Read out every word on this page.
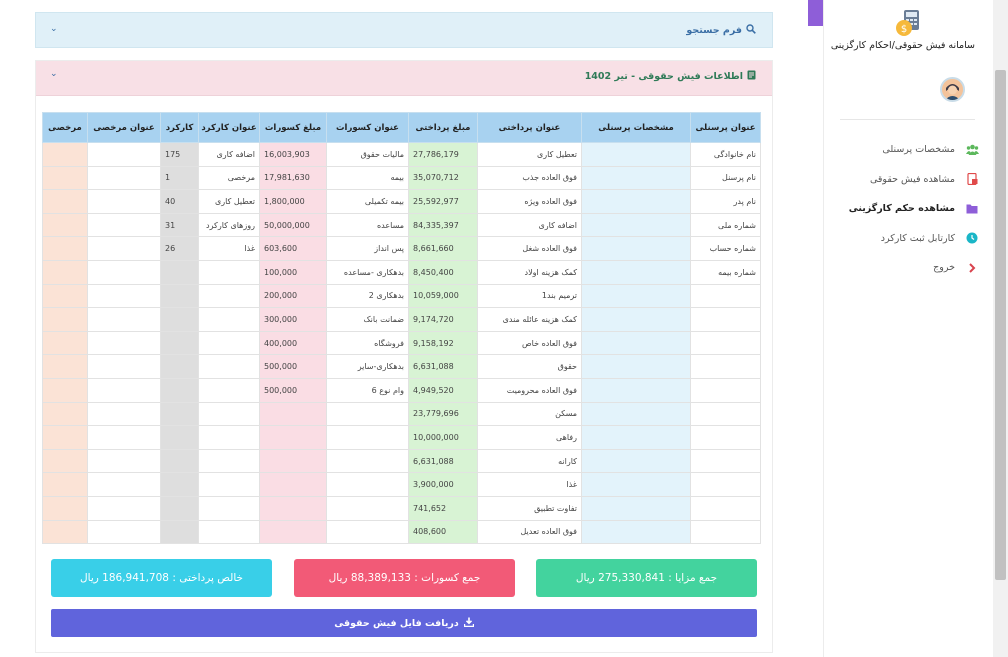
$
سامانه فیش حقوقی/احکام کارگزینی
مشخصات پرسنلی
مشاهده فیش حقوقی
مشاهده حکم کارگزینی
کارتابل ثبت کارکرد
خروج
فرم جستجو
⌄
اطلاعات فیش حقوقی - تیر 1402
⌄
عنوان پرسنلی	مشخصات پرسنلی	عنوان پرداختی	مبلغ پرداختی	عنوان کسورات	مبلغ کسورات	عنوان کارکرد	کارکرد	عنوان مرخصی	مرخصی
نام خانوادگی		تعطیل کاری	27,786,179	مالیات حقوق	16,003,903	اضافه کاری	175		
نام پرسنل		فوق العاده جذب	35,070,712	بیمه	17,981,630	مرخصی	1		
نام پدر		فوق العاده ویژه	25,592,977	بیمه تکمیلی	1,800,000	تعطیل کاری	40		
شماره ملی		اضافه کاری	84,335,397	مساعده	50,000,000	روزهای کارکرد	31		
شماره حساب		فوق العاده شغل	8,661,660	پس انداز	603,600	غذا	26		
شماره بیمه		کمک هزینه اولاد	8,450,400	بدهکاری -مساعده	100,000				
		ترمیم بند1	10,059,000	بدهکاری 2	200,000				
		کمک هزینه عائله مندی	9,174,720	ضمانت بانک	300,000				
		فوق العاده خاص	9,158,192	فروشگاه	400,000				
		حقوق	6,631,088	بدهکاری-سایر	500,000				
		فوق العاده محرومیت	4,949,520	وام نوع 6	500,000				
		مسکن	23,779,696						
		رفاهی	10,000,000						
		کارانه	6,631,088						
		غذا	3,900,000						
		تفاوت تطبیق	741,652						
		فوق العاده تعدیل	408,600						
جمع مزایا : 275,330,841 ریال
جمع کسورات : 88,389,133 ریال
خالص پرداختی : 186,941,708 ریال
دریافت فایل فیش حقوقی
